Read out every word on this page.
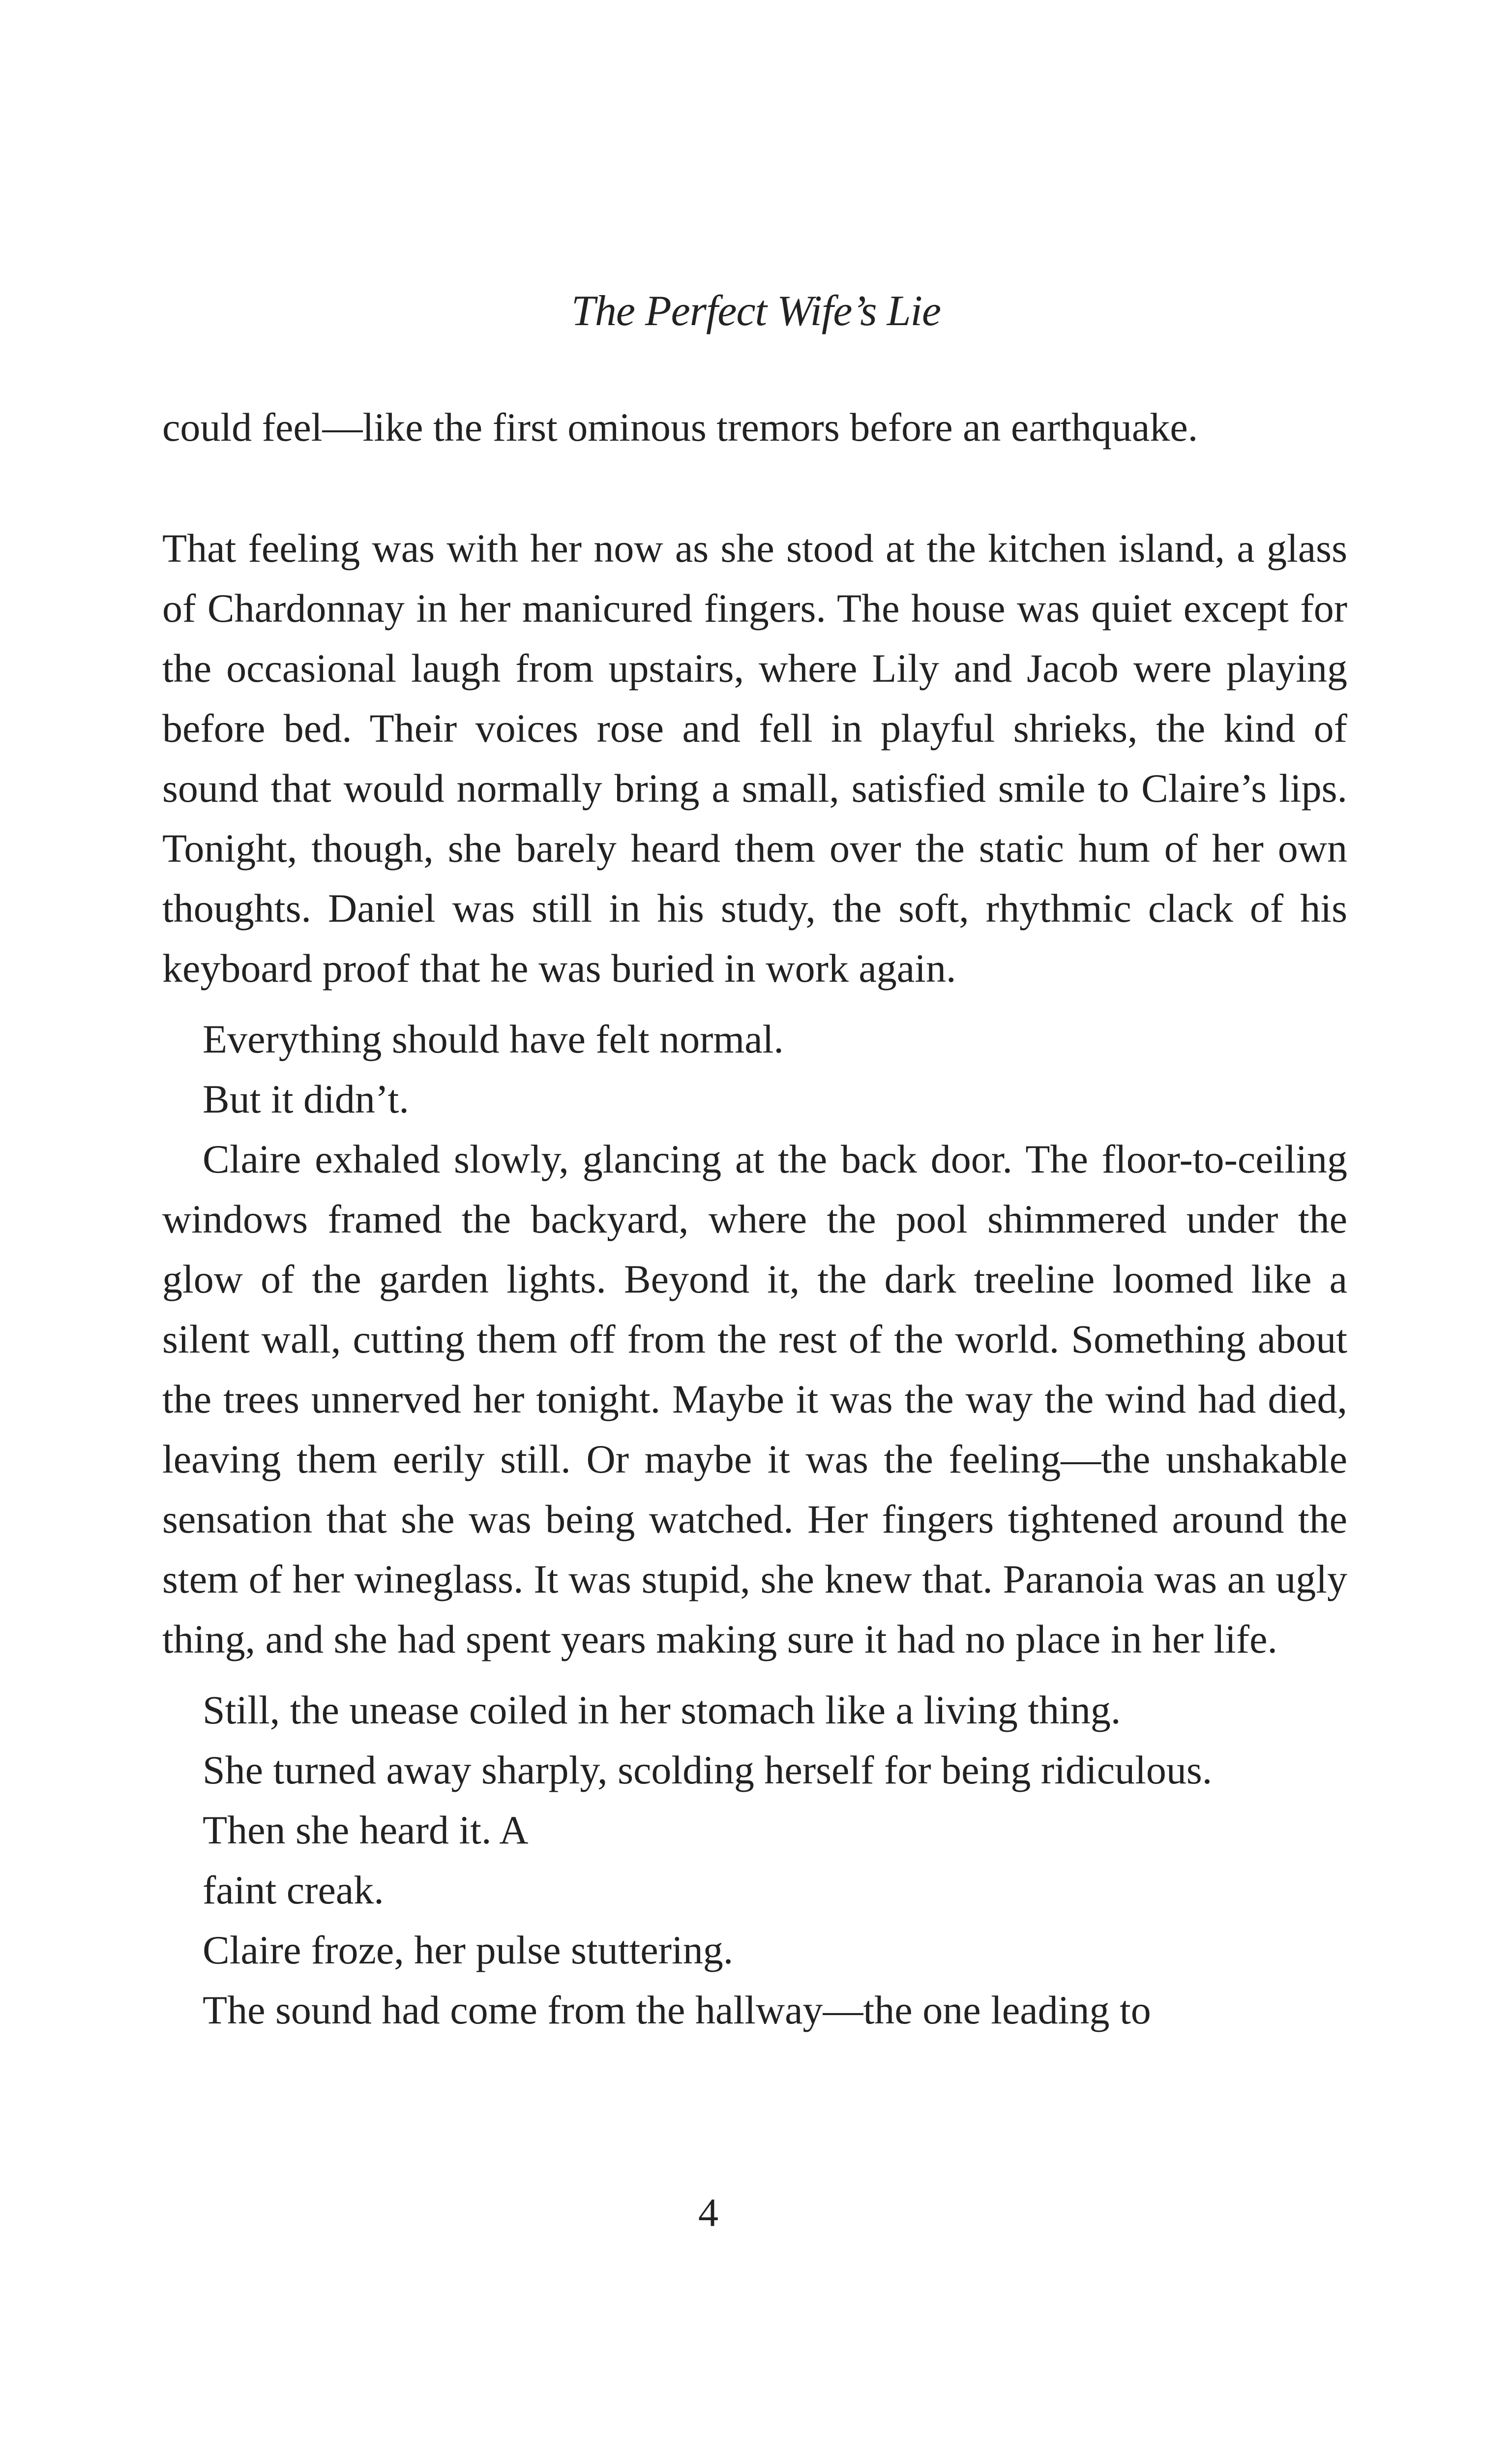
The Perfect Wife’s Lie

could feel—like the first ominous tremors before an earthquake.

That feeling was with her now as she stood at the kitchen island, a glass of Chardonnay in her manicured fingers. The house was quiet except for the occasional laugh from upstairs, where Lily and Jacob were playing before bed. Their voices rose and fell in playful shrieks, the kind of sound that would normally bring a small, satisfied smile to Claire’s lips. Tonight, though, she barely heard them over the static hum of her own thoughts. Daniel was still in his study, the soft, rhythmic clack of his keyboard proof that he was buried in work again.

Everything should have felt normal.

But it didn’t.

Claire exhaled slowly, glancing at the back door. The floor-to-ceiling windows framed the backyard, where the pool shimmered under the glow of the garden lights. Beyond it, the dark treeline loomed like a silent wall, cutting them off from the rest of the world. Something about the trees unnerved her tonight. Maybe it was the way the wind had died, leaving them eerily still. Or maybe it was the feeling—the unshakable sensation that she was being watched. Her fingers tightened around the stem of her wineglass. It was stupid, she knew that. Paranoia was an ugly thing, and she had spent years making sure it had no place in her life.

Still, the unease coiled in her stomach like a living thing.

She turned away sharply, scolding herself for being ridiculous.

Then she heard it. A

faint creak.

Claire froze, her pulse stuttering.

The sound had come from the hallway—the one leading to

4
